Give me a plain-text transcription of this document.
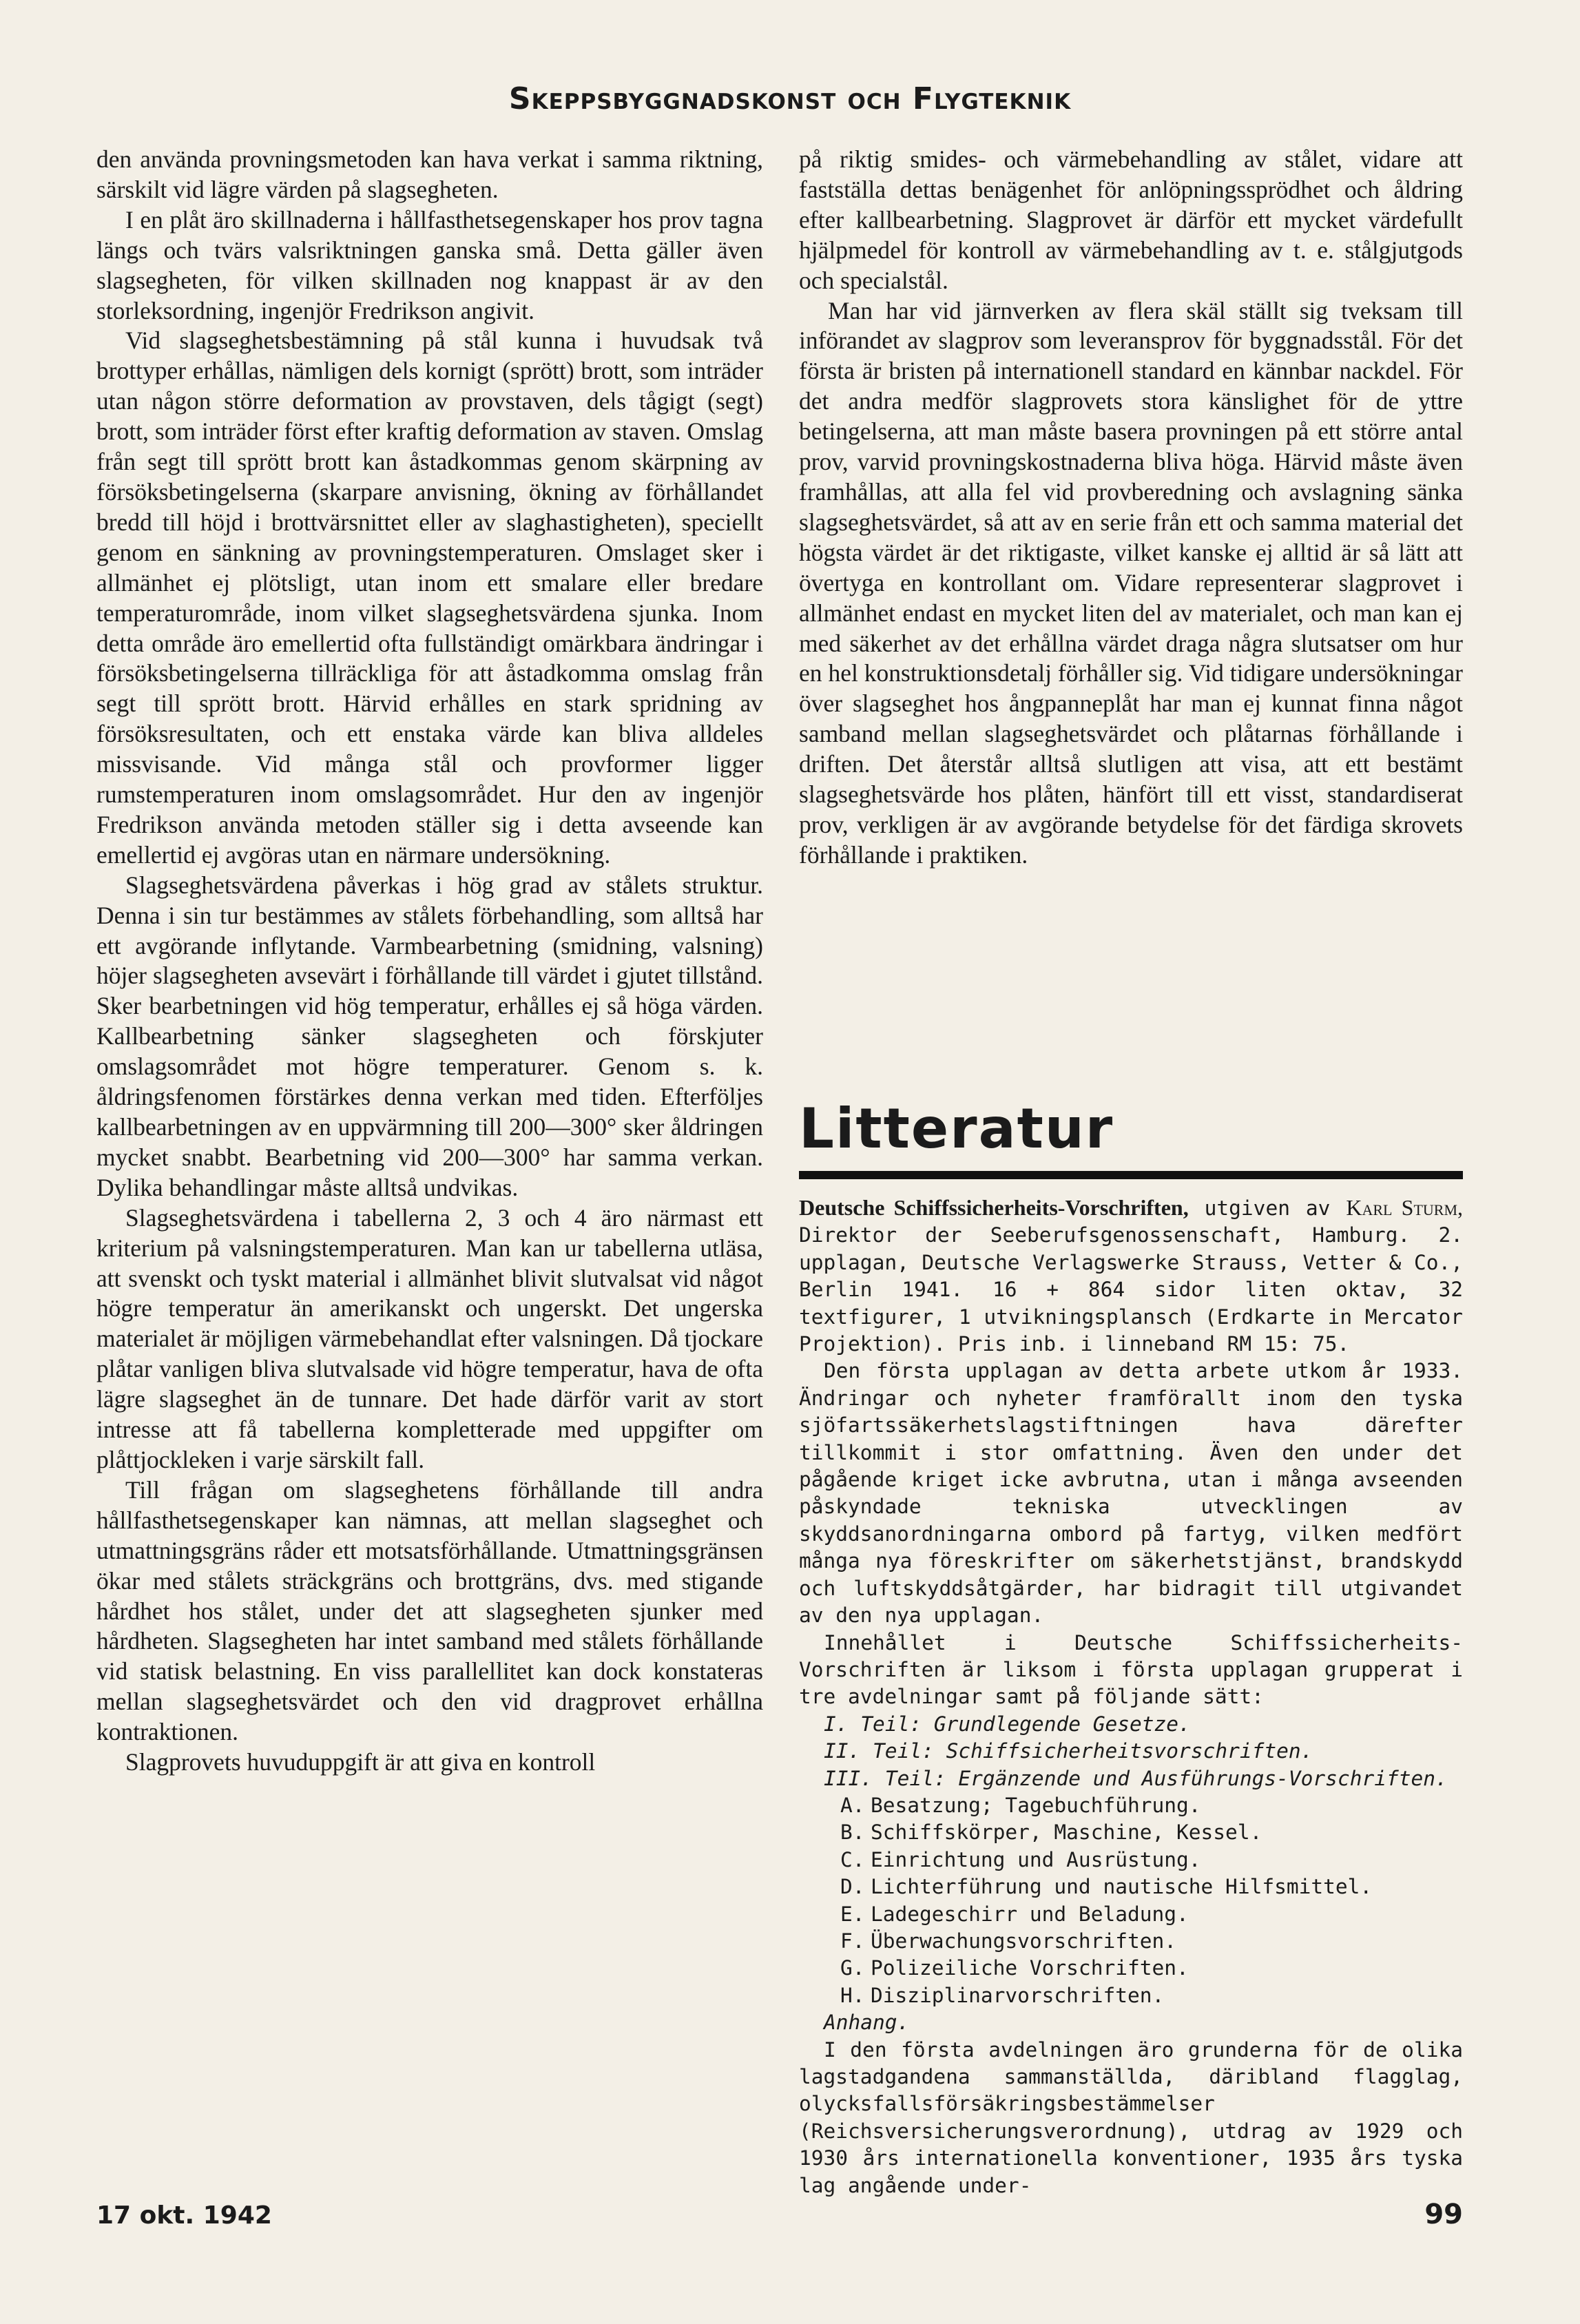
Skeppsbyggnadskonst och Flygteknik

den använda provningsmetoden kan hava verkat i samma riktning, särskilt vid lägre värden på slagsegheten.

I en plåt äro skillnaderna i hållfasthetsegenskaper hos prov tagna längs och tvärs valsriktningen ganska små. Detta gäller även slagsegheten, för vilken skillnaden nog knappast är av den storleksordning, ingenjör Fredrikson angivit.

Vid slagseghetsbestämning på stål kunna i huvudsak två brottyper erhållas, nämligen dels kornigt (sprött) brott, som inträder utan någon större deformation av provstaven, dels tågigt (segt) brott, som inträder först efter kraftig deformation av staven. Omslag från segt till sprött brott kan åstadkommas genom skärpning av försöksbetingelserna (skarpare anvisning, ökning av förhållandet bredd till höjd i brottvärsnittet eller av slaghastigheten), speciellt genom en sänkning av provningstemperaturen. Omslaget sker i allmänhet ej plötsligt, utan inom ett smalare eller bredare temperaturområde, inom vilket slagseghetsvärdena sjunka. Inom detta område äro emellertid ofta fullständigt omärkbara ändringar i försöksbetingelserna tillräckliga för att åstadkomma omslag från segt till sprött brott. Härvid erhålles en stark spridning av försöksresultaten, och ett enstaka värde kan bliva alldeles missvisande. Vid många stål och provformer ligger rumstemperaturen inom omslagsområdet. Hur den av ingenjör Fredrikson använda metoden ställer sig i detta avseende kan emellertid ej avgöras utan en närmare undersökning.

Slagseghetsvärdena påverkas i hög grad av stålets struktur. Denna i sin tur bestämmes av stålets förbehandling, som alltså har ett avgörande inflytande. Varmbearbetning (smidning, valsning) höjer slagsegheten avsevärt i förhållande till värdet i gjutet tillstånd. Sker bearbetningen vid hög temperatur, erhålles ej så höga värden. Kallbearbetning sänker slagsegheten och förskjuter omslagsområdet mot högre temperaturer. Genom s. k. åldringsfenomen förstärkes denna verkan med tiden. Efterföljes kallbearbetningen av en uppvärmning till 200—300° sker åldringen mycket snabbt. Bearbetning vid 200—300° har samma verkan. Dylika behandlingar måste alltså undvikas.

Slagseghetsvärdena i tabellerna 2, 3 och 4 äro närmast ett kriterium på valsningstemperaturen. Man kan ur tabellerna utläsa, att svenskt och tyskt material i allmänhet blivit slutvalsat vid något högre temperatur än amerikanskt och ungerskt. Det ungerska materialet är möjligen värmebehandlat efter valsningen. Då tjockare plåtar vanligen bliva slutvalsade vid högre temperatur, hava de ofta lägre slagseghet än de tunnare. Det hade därför varit av stort intresse att få tabellerna kompletterade med uppgifter om plåttjockleken i varje särskilt fall.

Till frågan om slagseghetens förhållande till andra hållfasthetsegenskaper kan nämnas, att mellan slagseghet och utmattningsgräns råder ett motsatsförhållande. Utmattningsgränsen ökar med stålets sträckgräns och brottgräns, dvs. med stigande hårdhet hos stålet, under det att slagsegheten sjunker med hårdheten. Slagsegheten har intet samband med stålets förhållande vid statisk belastning. En viss parallellitet kan dock konstateras mellan slagseghetsvärdet och den vid dragprovet erhållna kontraktionen.

Slagprovets huvuduppgift är att giva en kontroll

på riktig smides- och värmebehandling av stålet, vidare att fastställa dettas benägenhet för anlöpningssprödhet och åldring efter kallbearbetning. Slagprovet är därför ett mycket värdefullt hjälpmedel för kontroll av värmebehandling av t. e. stålgjutgods och specialstål.

Man har vid järnverken av flera skäl ställt sig tveksam till införandet av slagprov som leveransprov för byggnadsstål. För det första är bristen på internationell standard en kännbar nackdel. För det andra medför slagprovets stora känslighet för de yttre betingelserna, att man måste basera provningen på ett större antal prov, varvid provningskostnaderna bliva höga. Härvid måste även framhållas, att alla fel vid provberedning och avslagning sänka slagseghetsvärdet, så att av en serie från ett och samma material det högsta värdet är det riktigaste, vilket kanske ej alltid är så lätt att övertyga en kontrollant om. Vidare representerar slagprovet i allmänhet endast en mycket liten del av materialet, och man kan ej med säkerhet av det erhållna värdet draga några slutsatser om hur en hel konstruktionsdetalj förhåller sig. Vid tidigare undersökningar över slagseghet hos ångpanneplåt har man ej kunnat finna något samband mellan slagseghetsvärdet och plåtarnas förhållande i driften. Det återstår alltså slutligen att visa, att ett bestämt slagseghetsvärde hos plåten, hänfört till ett visst, standardiserat prov, verkligen är av avgörande betydelse för det färdiga skrovets förhållande i praktiken.

Litteratur

Deutsche Schiffssicherheits-Vorschriften, utgiven av Karl Sturm, Direktor der Seeberufsgenossenschaft, Hamburg. 2. upplagan, Deutsche Verlagswerke Strauss, Vetter & Co., Berlin 1941. 16 + 864 sidor liten oktav, 32 textfigurer, 1 utvikningsplansch (Erdkarte in Mercator Projektion). Pris inb. i linneband RM 15: 75.

Den första upplagan av detta arbete utkom år 1933. Ändringar och nyheter framförallt inom den tyska sjöfartssäkerhetslagstiftningen hava därefter tillkommit i stor omfattning. Även den under det pågående kriget icke avbrutna, utan i många avseenden påskyndade tekniska utvecklingen av skyddsanordningarna ombord på fartyg, vilken medfört många nya föreskrifter om säkerhetstjänst, brandskydd och luftskyddsåtgärder, har bidragit till utgivandet av den nya upplagan.

Innehållet i Deutsche Schiffssicherheits-Vorschriften är liksom i första upplagan grupperat i tre avdelningar samt på följande sätt:

I. Teil: Grundlegende Gesetze.
II. Teil: Schiffsicherheitsvorschriften.
III. Teil: Ergänzende und Ausführungs-Vorschriften.
A. Besatzung; Tagebuchführung.
B. Schiffskörper, Maschine, Kessel.
C. Einrichtung und Ausrüstung.
D. Lichterführung und nautische Hilfsmittel.
E. Ladegeschirr und Beladung.
F. Überwachungsvorschriften.
G. Polizeiliche Vorschriften.
H. Disziplinarvorschriften.

Anhang.

I den första avdelningen äro grunderna för de olika lagstadgandena sammanställda, däribland flagglag, olycksfallsförsäkringsbestämmelser (Reichsversicherungsverordnung), utdrag av 1929 och 1930 års internationella konventioner, 1935 års tyska lag angående under-

17 okt. 1942	99
